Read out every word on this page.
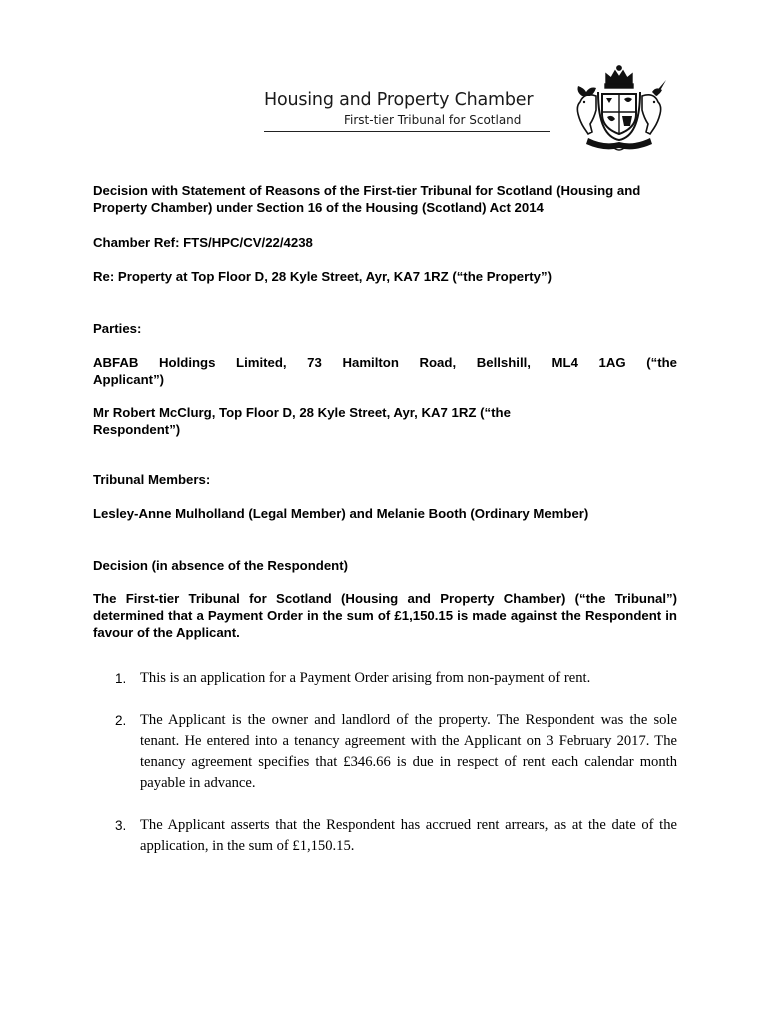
Housing and Property Chamber
First-tier Tribunal for Scotland

Decision with Statement of Reasons of the First-tier Tribunal for Scotland (Housing and Property Chamber) under Section 16 of the Housing (Scotland) Act 2014

Chamber Ref: FTS/HPC/CV/22/4238

Re: Property at Top Floor D, 28 Kyle Street, Ayr, KA7 1RZ (“the Property”)

Parties:

ABFAB Holdings Limited, 73 Hamilton Road, Bellshill, ML4 1AG (“the

Applicant”)

Mr Robert McClurg, Top Floor D, 28 Kyle Street, Ayr, KA7 1RZ (“the Respondent”)

Tribunal Members:

Lesley-Anne Mulholland (Legal Member) and Melanie Booth (Ordinary Member)

Decision (in absence of the Respondent)

The First-tier Tribunal for Scotland (Housing and Property Chamber) (“the Tribunal”) determined that a Payment Order in the sum of £1,150.15 is made against the Respondent in favour of the Applicant.

1. This is an application for a Payment Order arising from non-payment of rent.
2. The Applicant is the owner and landlord of the property. The Respondent was the sole tenant. He entered into a tenancy agreement with the Applicant on 3 February 2017. The tenancy agreement specifies that £346.66 is due in respect of rent each calendar month payable in advance.
3. The Applicant asserts that the Respondent has accrued rent arrears, as at the date of the application, in the sum of £1,150.15.
